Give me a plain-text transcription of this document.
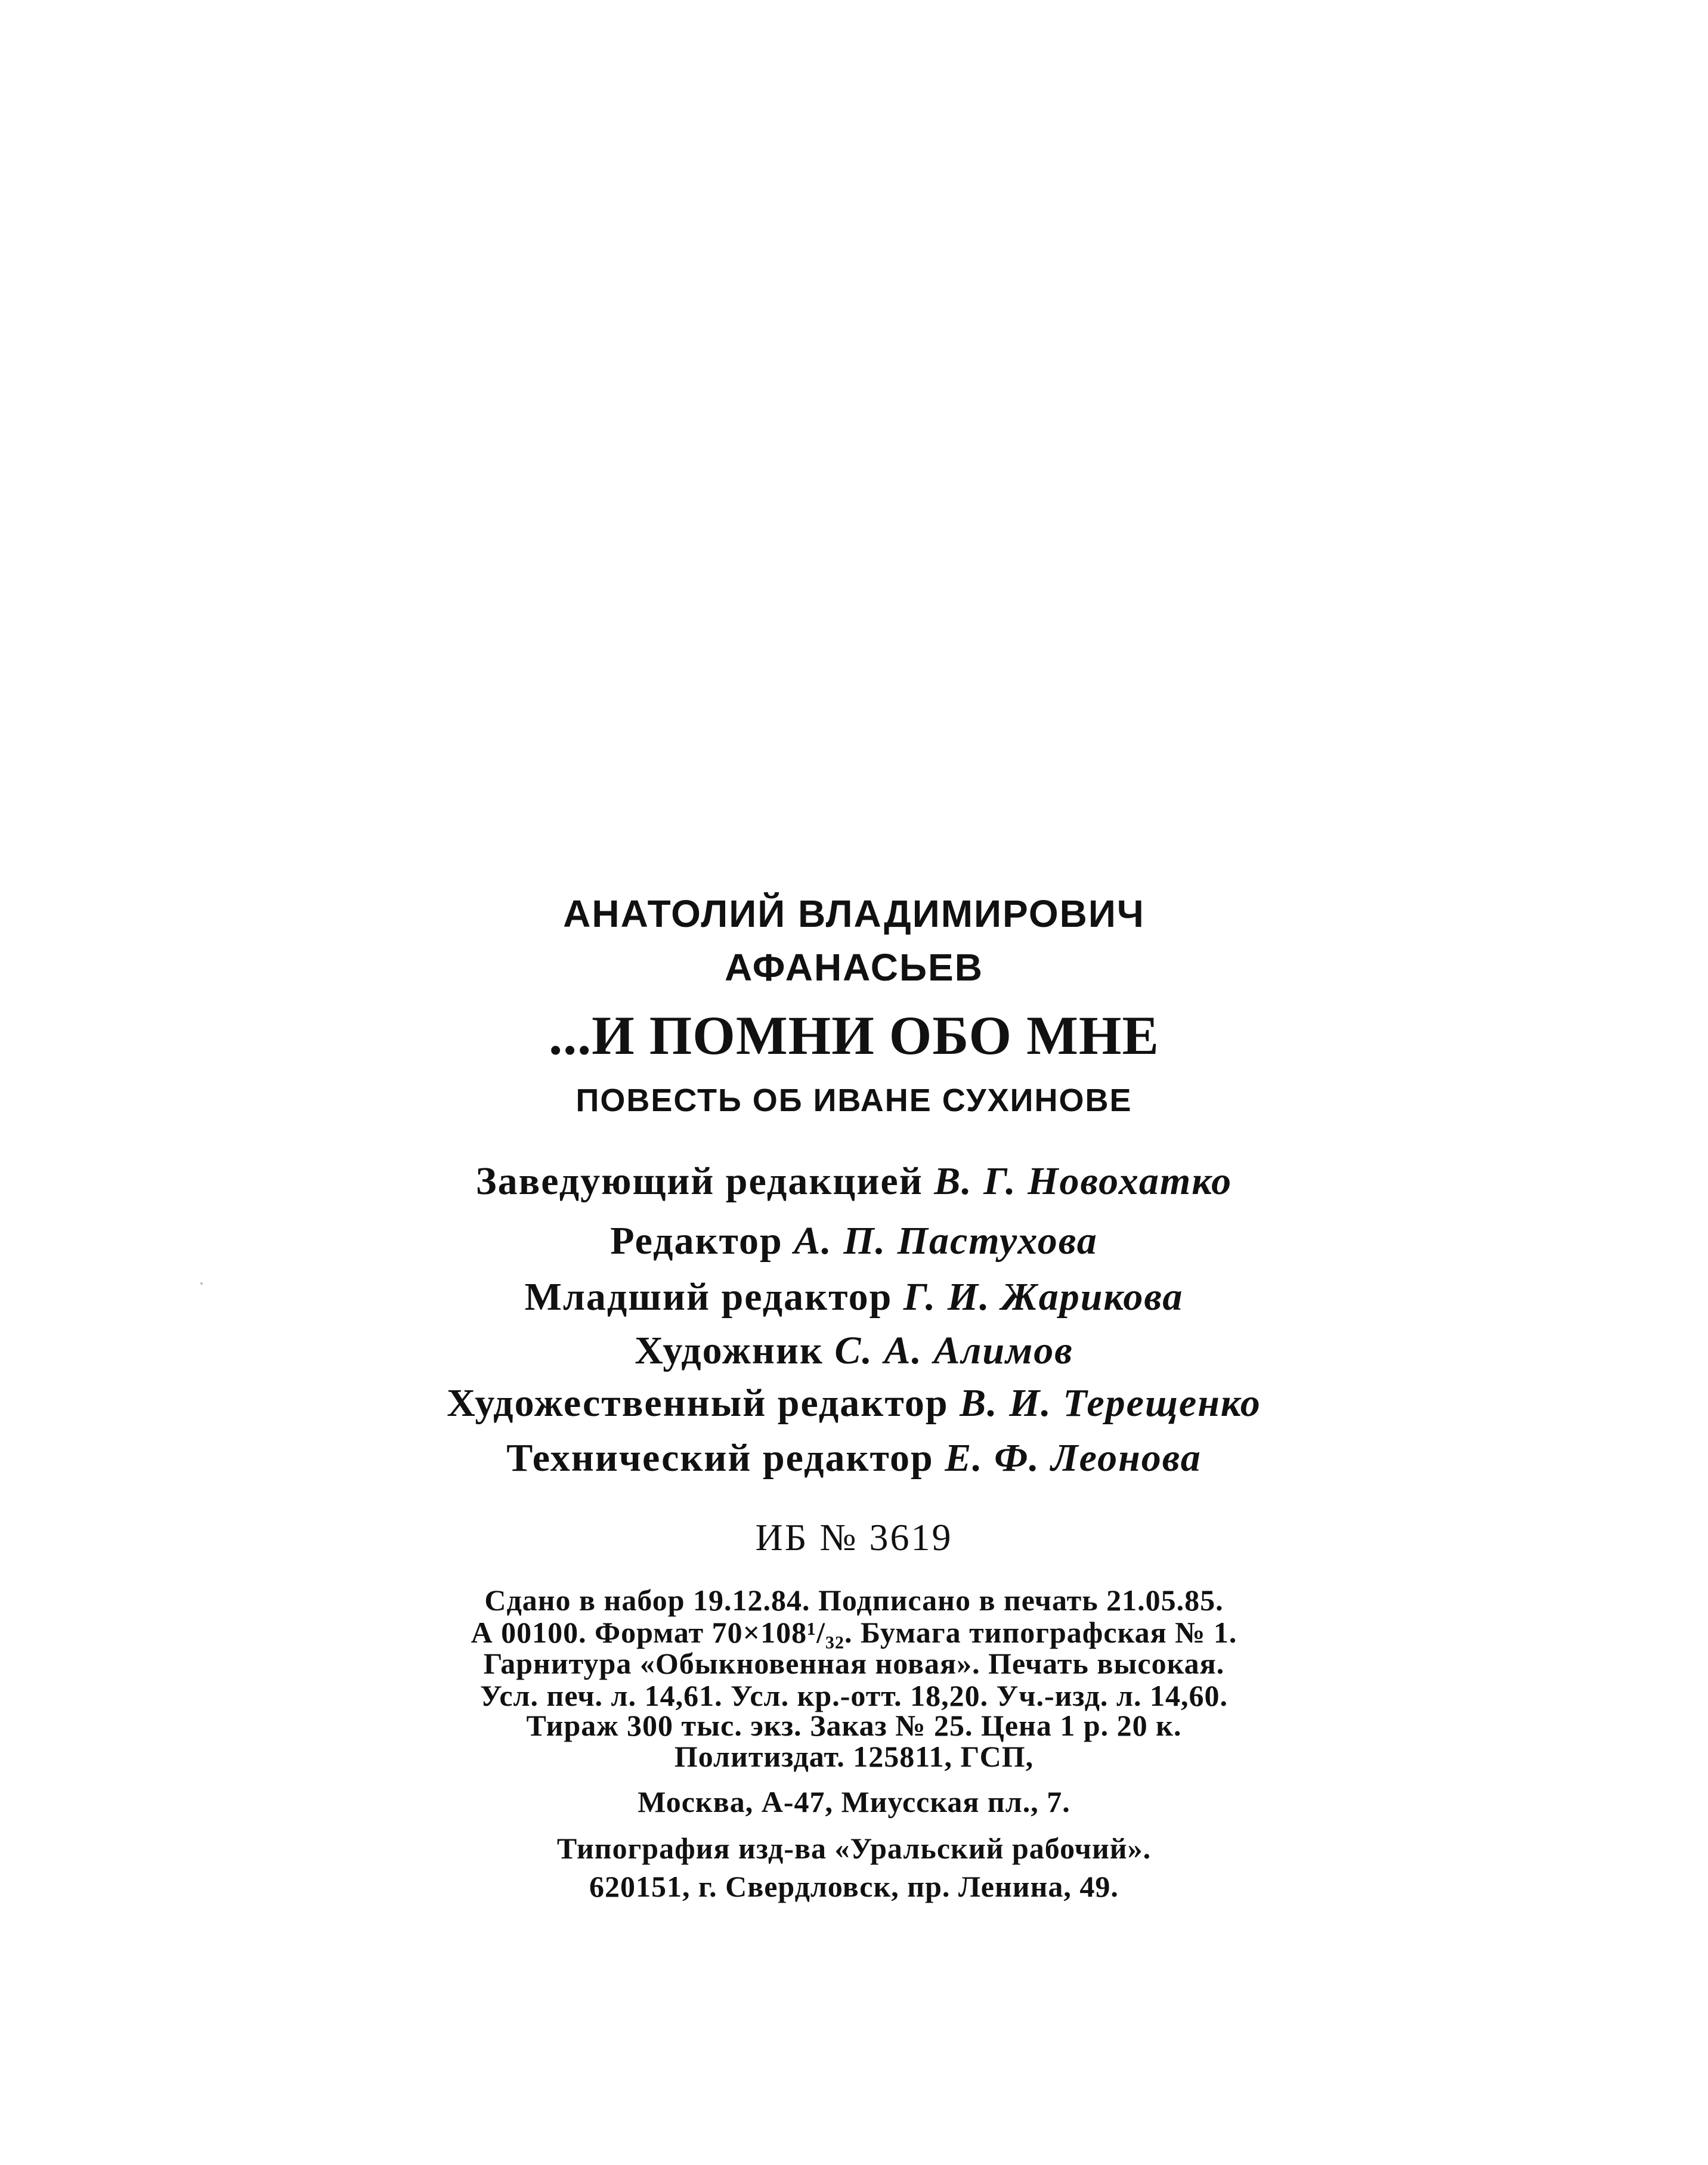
АНАТОЛИЙ ВЛАДИМИРОВИЧ
АФАНАСЬЕВ
...И ПОМНИ ОБО МНЕ
ПОВЕСТЬ ОБ ИВАНЕ СУХИНОВЕ
Заведующий редакцией В. Г. Новохатко
Редактор А. П. Пастухова
Младший редактор Г. И. Жарикова
Художник С. А. Алимов
Художественный редактор В. И. Терещенко
Технический редактор Е. Ф. Леонова
ИБ № 3619
Сдано в набор 19.12.84. Подписано в печать 21.05.85.
А 00100. Формат 70×108¹/₃₂. Бумага типографская № 1.
Гарнитура «Обыкновенная новая». Печать высокая.
Усл. печ. л. 14,61. Усл. кр.-отт. 18,20. Уч.-изд. л. 14,60.
Тираж 300 тыс. экз. Заказ № 25. Цена 1 р. 20 к.
Политиздат. 125811, ГСП,
Москва, А-47, Миусская пл., 7.
Типография изд-ва «Уральский рабочий».
620151, г. Свердловск, пр. Ленина, 49.
